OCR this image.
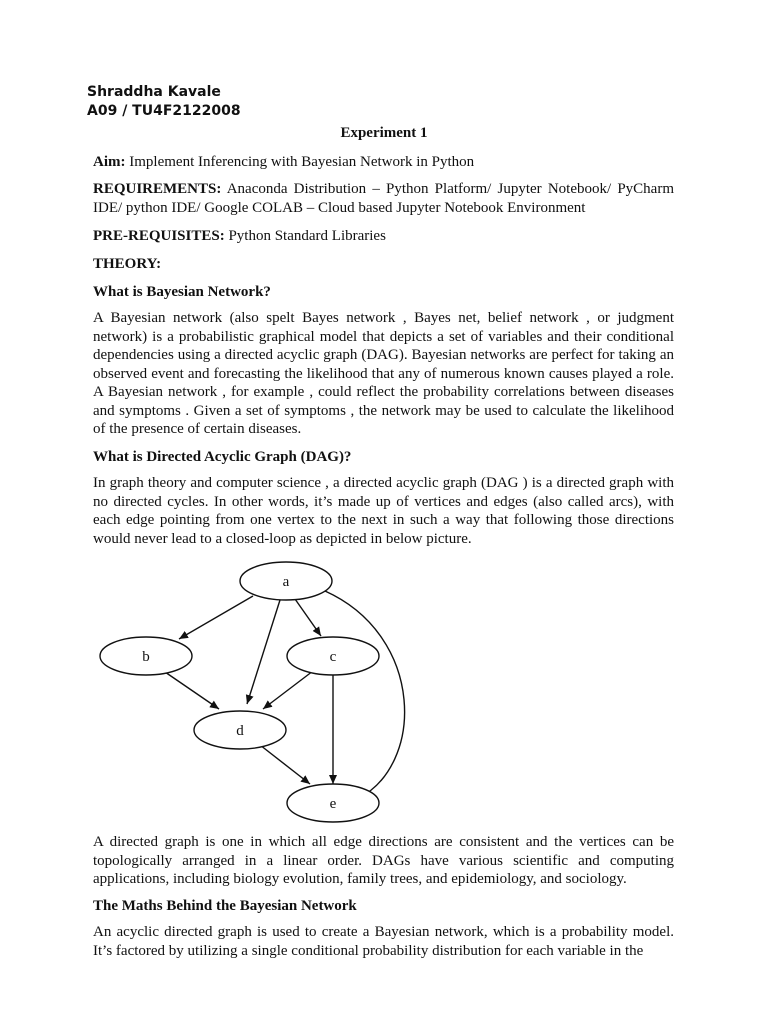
Shraddha Kavale
A09 / TU4F2122008
Experiment 1
Aim: Implement Inferencing with Bayesian Network in Python
REQUIREMENTS: Anaconda Distribution – Python Platform/ Jupyter Notebook/ PyCharm IDE/ python IDE/ Google COLAB – Cloud based Jupyter Notebook Environment
PRE-REQUISITES: Python Standard Libraries
THEORY:
What is Bayesian Network?
A Bayesian network (also spelt Bayes network , Bayes net, belief network , or judgment network) is a probabilistic graphical model that depicts a set of variables and their conditional dependencies using a directed acyclic graph (DAG). Bayesian networks are perfect for taking an observed event and forecasting the likelihood that any of numerous known causes played a role. A Bayesian network , for example , could reflect the probability correlations between diseases and symptoms . Given a set of symptoms , the network may be used to calculate the likelihood of the presence of certain diseases.
What is Directed Acyclic Graph (DAG)?
In graph theory and computer science , a directed acyclic graph (DAG ) is a directed graph with no directed cycles. In other words, it’s made up of vertices and edges (also called arcs), with each edge pointing from one vertex to the next in such a way that following those directions would never lead to a closed-loop as depicted in below picture.
a
b	c
d
e
A directed graph is one in which all edge directions are consistent and the vertices can be topologically arranged in a linear order. DAGs have various scientific and computing applications, including biology evolution, family trees, and epidemiology, and sociology.
The Maths Behind the Bayesian Network
An acyclic directed graph is used to create a Bayesian network, which is a probability model. It’s factored by utilizing a single conditional probability distribution for each variable in the
